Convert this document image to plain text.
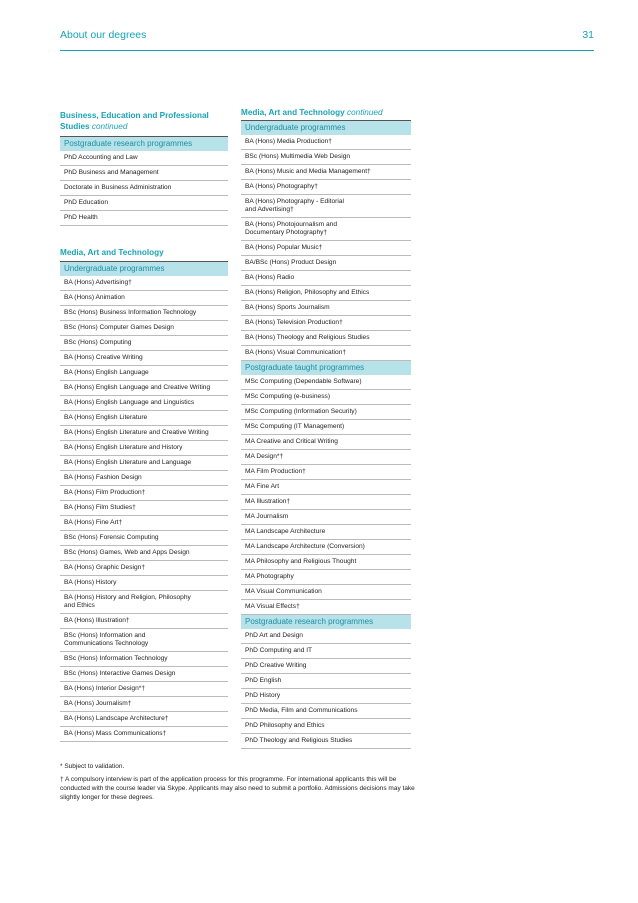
About our degrees	31
Business, Education and Professional Studies continued
Postgraduate research programmes
PhD Accounting and Law
PhD Business and Management
Doctorate in Business Administration
PhD Education
PhD Health
Media, Art and Technology
Undergraduate programmes
BA (Hons) Advertising†
BA (Hons) Animation
BSc (Hons) Business Information Technology
BSc (Hons) Computer Games Design
BSc (Hons) Computing
BA (Hons) Creative Writing
BA (Hons) English Language
BA (Hons) English Language and Creative Writing
BA (Hons) English Language and Linguistics
BA (Hons) English Literature
BA (Hons) English Literature and Creative Writing
BA (Hons) English Literature and History
BA (Hons) English Literature and Language
BA (Hons) Fashion Design
BA (Hons) Film Production†
BA (Hons) Film Studies†
BA (Hons) Fine Art†
BSc (Hons) Forensic Computing
BSc (Hons) Games, Web and Apps Design
BA (Hons) Graphic Design†
BA (Hons) History
BA (Hons) History and Religion, Philosophy
and Ethics
BA (Hons) Illustration†
BSc (Hons) Information and
Communications Technology
BSc (Hons) Information Technology
BSc (Hons) Interactive Games Design
BA (Hons) Interior Design*†
BA (Hons) Journalism†
BA (Hons) Landscape Architecture†
BA (Hons) Mass Communications†
Media, Art and Technology continued
Undergraduate programmes
BA (Hons) Media Production†
BSc (Hons) Multimedia Web Design
BA (Hons) Music and Media Management†
BA (Hons) Photography†
BA (Hons) Photography - Editorial
and Advertising†
BA (Hons) Photojournalism and
Documentary Photography†
BA (Hons) Popular Music†
BA/BSc (Hons) Product Design
BA (Hons) Radio
BA (Hons) Religion, Philosophy and Ethics
BA (Hons) Sports Journalism
BA (Hons) Television Production†
BA (Hons) Theology and Religious Studies
BA (Hons) Visual Communication†
Postgraduate taught programmes
MSc Computing (Dependable Software)
MSc Computing (e-business)
MSc Computing (Information Security)
MSc Computing (IT Management)
MA Creative and Critical Writing
MA Design*†
MA Film Production†
MA Fine Art
MA Illustration†
MA Journalism
MA Landscape Architecture
MA Landscape Architecture (Conversion)
MA Philosophy and Religious Thought
MA Photography
MA Visual Communication
MA Visual Effects†
Postgraduate research programmes
PhD Art and Design
PhD Computing and IT
PhD Creative Writing
PhD English
PhD History
PhD Media, Film and Communications
PhD Philosophy and Ethics
PhD Theology and Religious Studies

* Subject to validation.

† A compulsory interview is part of the application process for this programme. For international applicants this will be conducted with the course leader via Skype. Applicants may also need to submit a portfolio. Admissions decisions may take slightly longer for these degrees.
